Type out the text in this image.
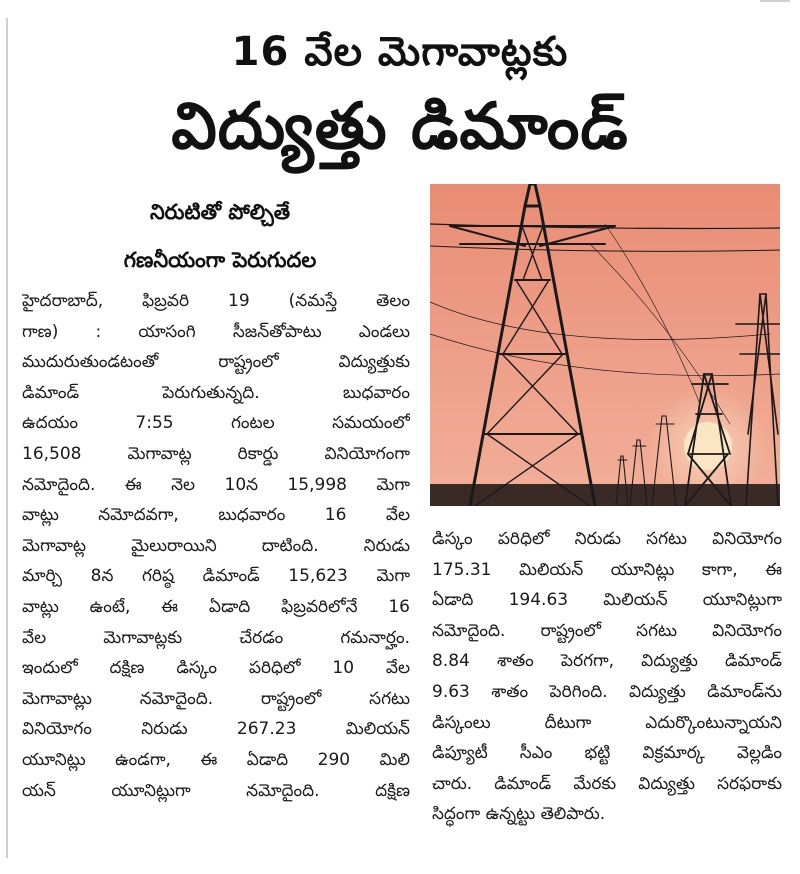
16 వేల మెగావాట్లకు
విద్యుత్తు డిమాండ్
నిరుటితో పోల్చితే
గణనీయంగా పెరుగుదల
హైదరాబాద్, ఫిబ్రవరి 19 (నమస్తే తెలం
గాణ) : యాసంగి సీజన్‌తోపాటు ఎండలు
ముదురుతుండటంతో రాష్ట్రంలో విద్యుత్తుకు
డిమాండ్ పెరుగుతున్నది. బుధవారం
ఉదయం 7:55 గంటల సమయంలో
16,508 మెగావాట్ల రికార్డు వినియోగంగా
నమోదైంది. ఈ నెల 10న 15,998 మెగా
వాట్లు నమోదవగా, బుధవారం 16 వేల
మెగావాట్ల మైలురాయిని దాటింది. నిరుడు
మార్చి 8న గరిష్ఠ డిమాండ్ 15,623 మెగా
వాట్లు ఉంటే, ఈ ఏడాది ఫిబ్రవరిలోనే 16
వేల మెగావాట్లకు చేరడం గమనార్హం.
ఇందులో దక్షిణ డిస్కం పరిధిలో 10 వేల
మెగావాట్లు నమోదైంది. రాష్ట్రంలో సగటు
వినియోగం నిరుడు 267.23 మిలియన్
యూనిట్లు ఉండగా, ఈ ఏడాది 290 మిలి
యన్ యూనిట్లుగా నమోదైంది. దక్షిణ
డిస్కం పరిధిలో నిరుడు సగటు వినియోగం
175.31 మిలియన్ యూనిట్లు కాగా, ఈ
ఏడాది 194.63 మిలియన్ యూనిట్లుగా
నమోదైంది. రాష్ట్రంలో సగటు వినియోగం
8.84 శాతం పెరగగా, విద్యుత్తు డిమాండ్
9.63 శాతం పెరిగింది. విద్యుత్తు డిమాండ్‌ను
డిస్కంలు దీటుగా ఎదుర్కొంటున్నాయని
డిప్యూటీ సీఎం భట్టి విక్రమార్క వెల్లడిం
చారు. డిమాండ్ మేరకు విద్యుత్తు సరఫరాకు
సిద్ధంగా ఉన్నట్టు తెలిపారు.
